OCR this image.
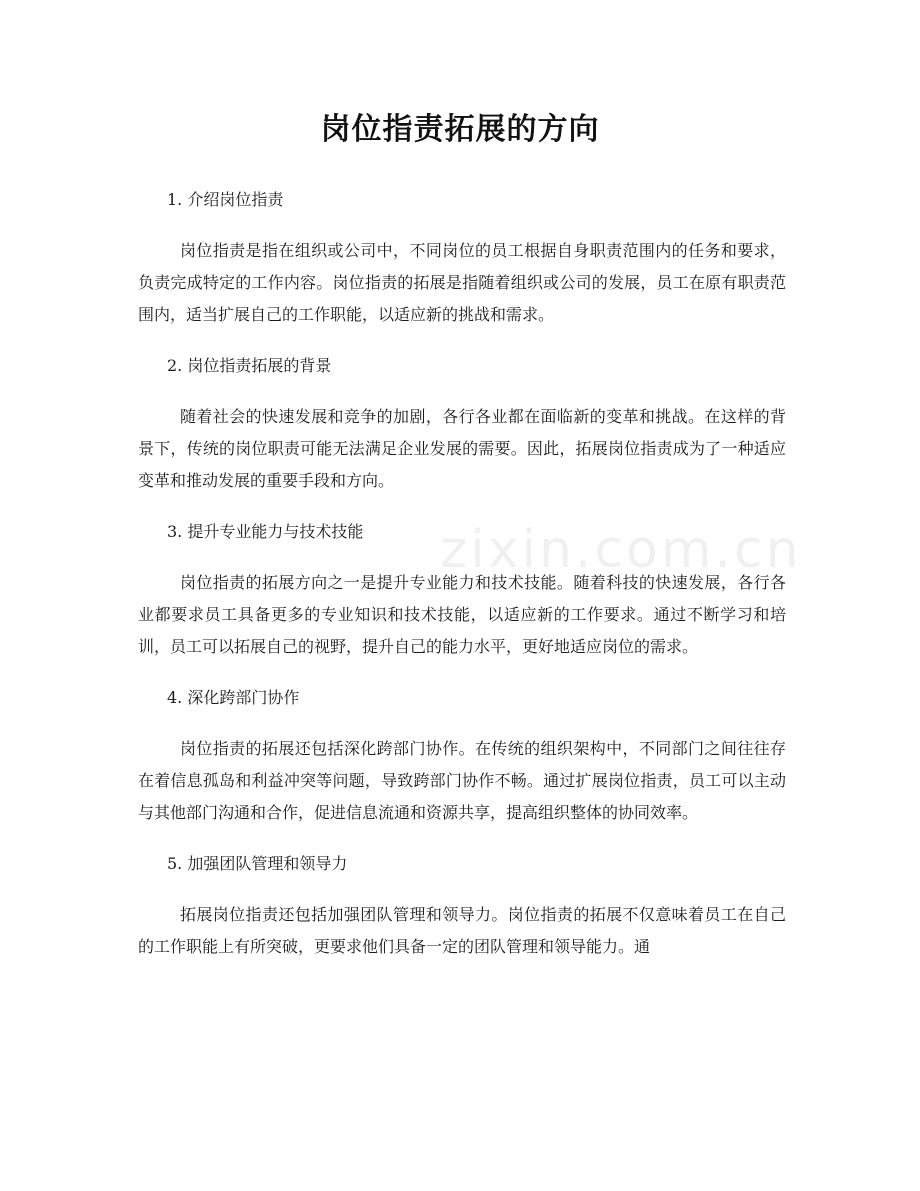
岗位指责拓展的方向

1. 介绍岗位指责

岗位指责是指在组织或公司中，不同岗位的员工根据自身职责范围内的任务和要求，负责完成特定的工作内容。岗位指责的拓展是指随着组织或公司的发展，员工在原有职责范围内，适当扩展自己的工作职能，以适应新的挑战和需求。

2. 岗位指责拓展的背景

随着社会的快速发展和竞争的加剧，各行各业都在面临新的变革和挑战。在这样的背景下，传统的岗位职责可能无法满足企业发展的需要。因此，拓展岗位指责成为了一种适应变革和推动发展的重要手段和方向。

3. 提升专业能力与技术技能

岗位指责的拓展方向之一是提升专业能力和技术技能。随着科技的快速发展，各行各业都要求员工具备更多的专业知识和技术技能，以适应新的工作要求。通过不断学习和培训，员工可以拓展自己的视野，提升自己的能力水平，更好地适应岗位的需求。

4. 深化跨部门协作

岗位指责的拓展还包括深化跨部门协作。在传统的组织架构中，不同部门之间往往存在着信息孤岛和利益冲突等问题，导致跨部门协作不畅。通过扩展岗位指责，员工可以主动与其他部门沟通和合作，促进信息流通和资源共享，提高组织整体的协同效率。

5. 加强团队管理和领导力

拓展岗位指责还包括加强团队管理和领导力。岗位指责的拓展不仅意味着员工在自己的工作职能上有所突破，更要求他们具备一定的团队管理和领导能力。通

zixin.com.cn
